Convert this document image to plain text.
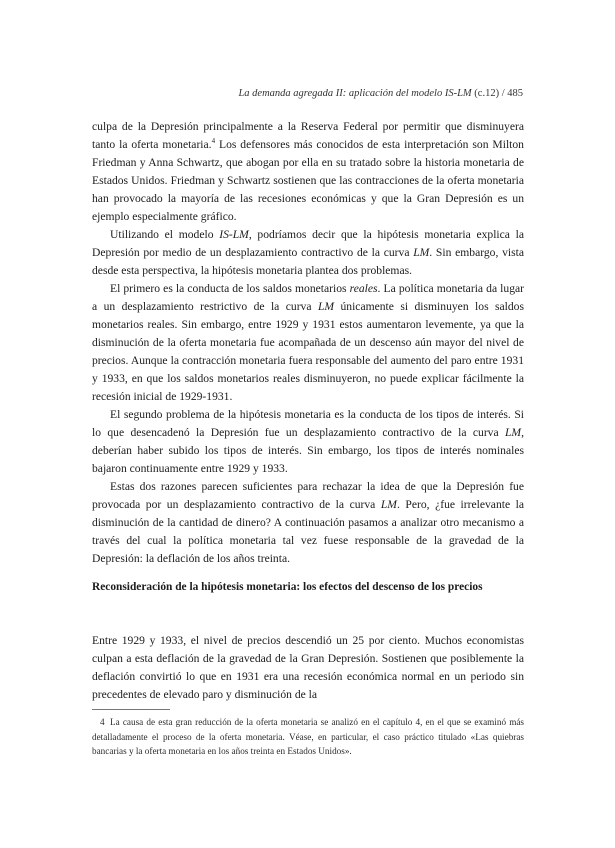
La demanda agregada II: aplicación del modelo IS-LM (c.12) / 485

culpa de la Depresión principalmente a la Reserva Federal por permitir que disminuyera tanto la oferta monetaria.$^4$ Los defensores más conocidos de esta interpretación son Milton Friedman y Anna Schwartz, que abogan por ella en su tratado sobre la historia monetaria de Estados Unidos. Friedman y Schwartz sostienen que las contracciones de la oferta monetaria han provocado la mayoría de las recesiones económicas y que la Gran Depresión es un ejemplo especialmente gráfico.

Utilizando el modelo IS-LM, podríamos decir que la hipótesis monetaria explica la Depresión por medio de un desplazamiento contractivo de la curva LM. Sin embargo, vista desde esta perspectiva, la hipótesis monetaria plantea dos problemas.

El primero es la conducta de los saldos monetarios reales. La política monetaria da lugar a un desplazamiento restrictivo de la curva LM únicamente si disminuyen los saldos monetarios reales. Sin embargo, entre 1929 y 1931 estos aumentaron levemente, ya que la disminución de la oferta monetaria fue acompañada de un descenso aún mayor del nivel de precios. Aunque la contracción monetaria fuera responsable del aumento del paro entre 1931 y 1933, en que los saldos monetarios reales disminuyeron, no puede explicar fácilmente la recesión inicial de 1929-1931.

El segundo problema de la hipótesis monetaria es la conducta de los tipos de interés. Si lo que desencadenó la Depresión fue un desplazamiento contractivo de la curva LM, deberían haber subido los tipos de interés. Sin embargo, los tipos de interés nominales bajaron continuamente entre 1929 y 1933.

Estas dos razones parecen suficientes para rechazar la idea de que la Depresión fue provocada por un desplazamiento contractivo de la curva LM. Pero, ¿fue irrelevante la disminución de la cantidad de dinero? A continuación pasamos a analizar otro mecanismo a través del cual la política monetaria tal vez fuese responsable de la gravedad de la Depresión: la deflación de los años treinta.

Reconsideración de la hipótesis monetaria: los efectos del descenso de los precios

Entre 1929 y 1933, el nivel de precios descendió un 25 por ciento. Muchos economistas culpan a esta deflación de la gravedad de la Gran Depresión. Sostienen que posiblemente la deflación convirtió lo que en 1931 era una recesión económica normal en un periodo sin precedentes de elevado paro y disminución de la

4 La causa de esta gran reducción de la oferta monetaria se analizó en el capítulo 4, en el que se examinó más detalladamente el proceso de la oferta monetaria. Véase, en particular, el caso práctico titulado «Las quiebras bancarias y la oferta monetaria en los años treinta en Estados Unidos».
